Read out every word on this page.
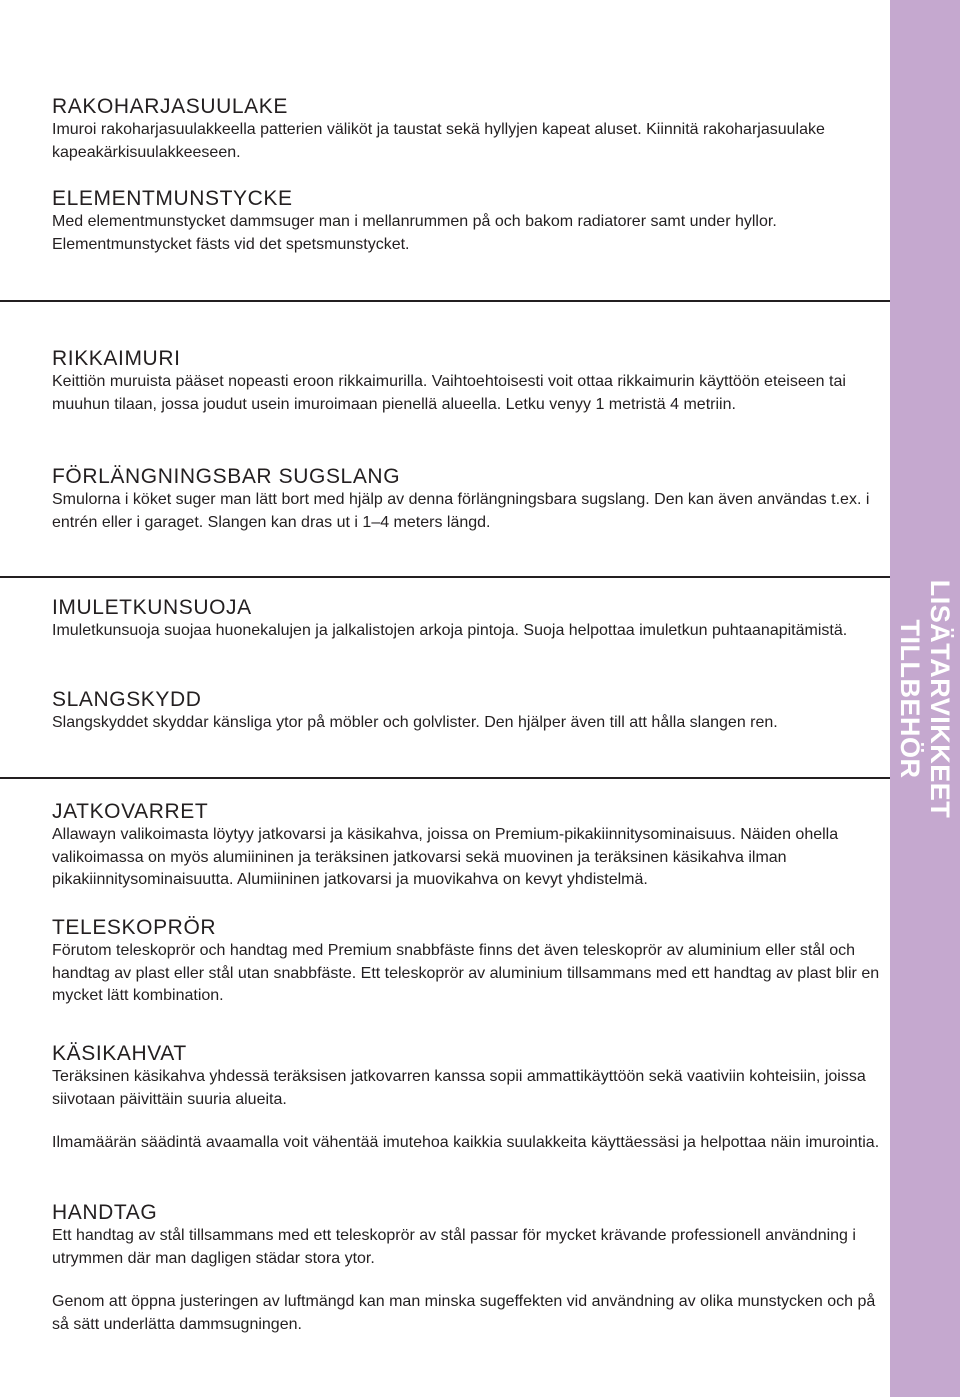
LISÄTARVIKKEET
TILLBEHÖR
RAKOHARJASUULAKE

Imuroi rakoharjasuulakkeella patterien väliköt ja taustat sekä hyllyjen kapeat aluset. Kiinnitä rakoharjasuulake kapeakärkisuulakkeeseen.

ELEMENTMUNSTYCKE

Med elementmunstycket dammsuger man i mellanrummen på och bakom radiatorer samt under hyllor. Elementmunstycket fästs vid det spetsmunstycket.

RIKKAIMURI

Keittiön muruista pääset nopeasti eroon rikkaimurilla. Vaihtoehtoisesti voit ottaa rikkaimurin käyttöön eteiseen tai muuhun tilaan, jossa joudut usein imuroimaan pienellä alueella. Letku venyy 1 metristä 4 metriin.

FÖRLÄNGNINGSBAR SUGSLANG

Smulorna i köket suger man lätt bort med hjälp av denna förlängningsbara sugslang. Den kan även användas t.ex. i entrén eller i garaget. Slangen kan dras ut i 1–4 meters längd.

IMULETKUNSUOJA

Imuletkunsuoja suojaa huonekalujen ja jalkalistojen arkoja pintoja. Suoja helpottaa imuletkun puhtaanapitämistä.

SLANGSKYDD

Slangskyddet skyddar känsliga ytor på möbler och golvlister. Den hjälper även till att hålla slangen ren.

JATKOVARRET

Allawayn valikoimasta löytyy jatkovarsi ja käsikahva, joissa on Premium-pikakiinnitysominaisuus. Näiden ohella valikoimassa on myös alumiininen ja teräksinen jatkovarsi sekä muovinen ja teräksinen käsikahva ilman pikakiinnitysominaisuutta. Alumiininen jatkovarsi ja muovikahva on kevyt yhdistelmä.

TELESKOPRÖR

Förutom teleskoprör och handtag med Premium snabbfäste finns det även teleskoprör av aluminium eller stål och handtag av plast eller stål utan snabbfäste. Ett teleskoprör av aluminium tillsammans med ett handtag av plast blir en mycket lätt kombination.

KÄSIKAHVAT

Teräksinen käsikahva yhdessä teräksisen jatkovarren kanssa sopii ammattikäyttöön sekä vaativiin kohteisiin, joissa siivotaan päivittäin suuria alueita.

Ilmamäärän säädintä avaamalla voit vähentää imutehoa kaikkia suulakkeita käyttäessäsi ja helpottaa näin imurointia.

HANDTAG

Ett handtag av stål tillsammans med ett teleskoprör av stål passar för mycket krävande professionell användning i utrymmen där man dagligen städar stora ytor.

Genom att öppna justeringen av luftmängd kan man minska sugeffekten vid användning av olika munstycken och på så sätt underlätta dammsugningen.
